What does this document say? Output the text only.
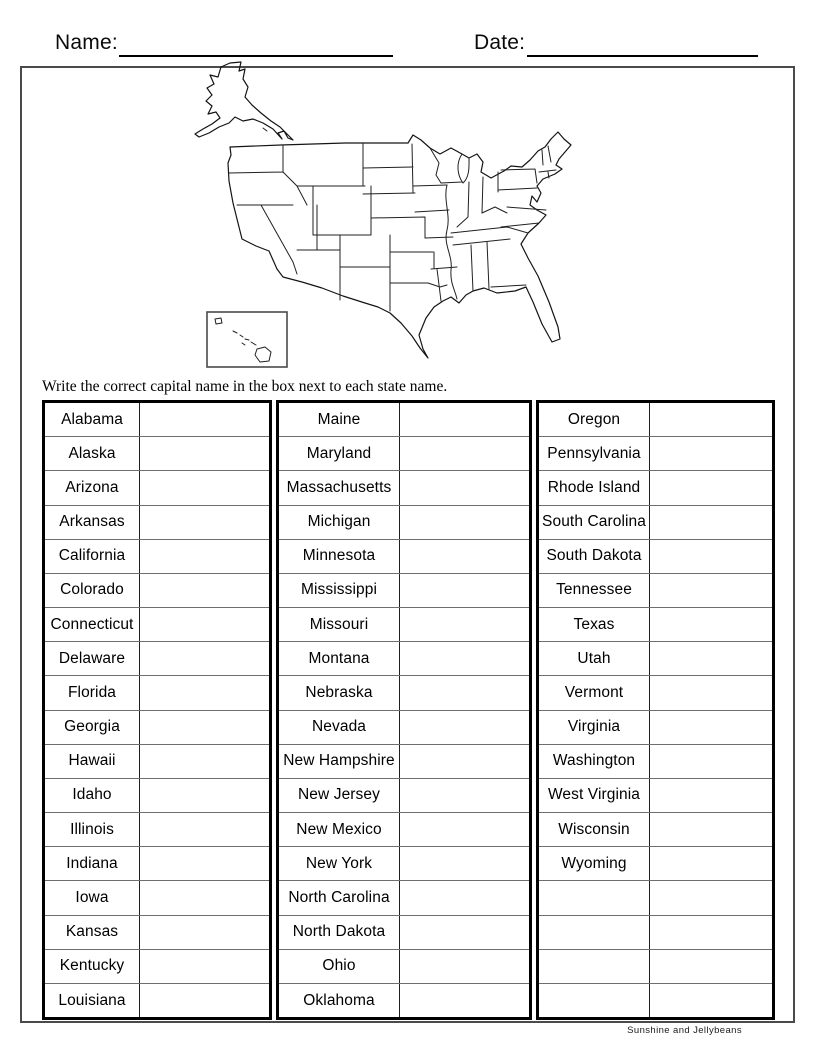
Name:	Date:
Write the correct capital name in the box next to each state name.
Alabama
Alaska
Arizona
Arkansas
California
Colorado
Connecticut
Delaware
Florida
Georgia
Hawaii
Idaho
Illinois
Indiana
Iowa
Kansas
Kentucky
Louisiana
Maine
Maryland
Massachusetts
Michigan
Minnesota
Mississippi
Missouri
Montana
Nebraska
Nevada
New Hampshire
New Jersey
New Mexico
New York
North Carolina
North Dakota
Ohio
Oklahoma
Oregon
Pennsylvania
Rhode Island
South Carolina
South Dakota
Tennessee
Texas
Utah
Vermont
Virginia
Washington
West Virginia
Wisconsin
Wyoming
Sunshine and Jellybeans
